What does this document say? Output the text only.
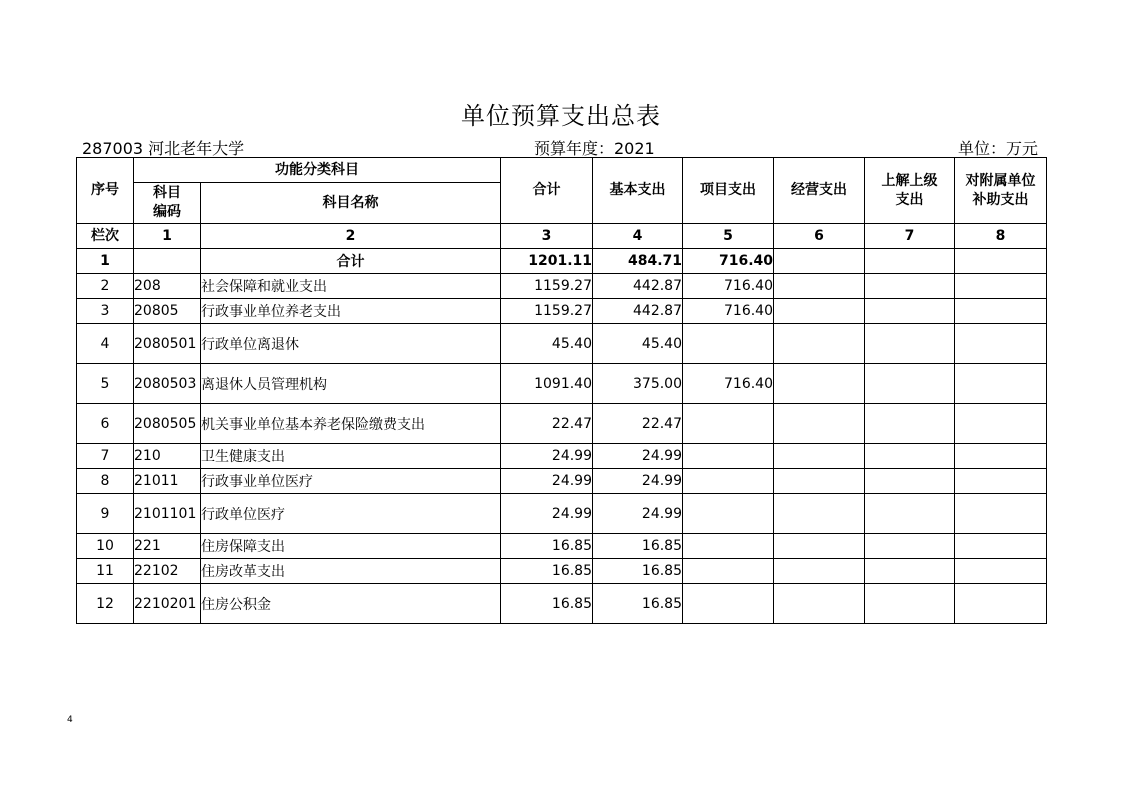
单位预算支出总表
287003 河北老年大学	预算年度：2021	单位：万元
序号	功能分类科目		合计	基本支出	项目支出	经营支出	上解上级支出	对附属单位补助支出
	科目编码	科目名称						
栏次	1	2	3	4	5	6	7	8
1		合计	1201.11	484.71	716.40			
2	208	社会保障和就业支出	1159.27	442.87	716.40			
3	20805	行政事业单位养老支出	1159.27	442.87	716.40			
4	2080501	行政单位离退休	45.40	45.40				
5	2080503	离退休人员管理机构	1091.40	375.00	716.40			
6	2080505	机关事业单位基本养老保险缴费支出	22.47	22.47				
7	210	卫生健康支出	24.99	24.99				
8	21011	行政事业单位医疗	24.99	24.99				
9	2101101	行政单位医疗	24.99	24.99				
10	221	住房保障支出	16.85	16.85				
11	22102	住房改革支出	16.85	16.85				
12	2210201	住房公积金	16.85	16.85				
4
